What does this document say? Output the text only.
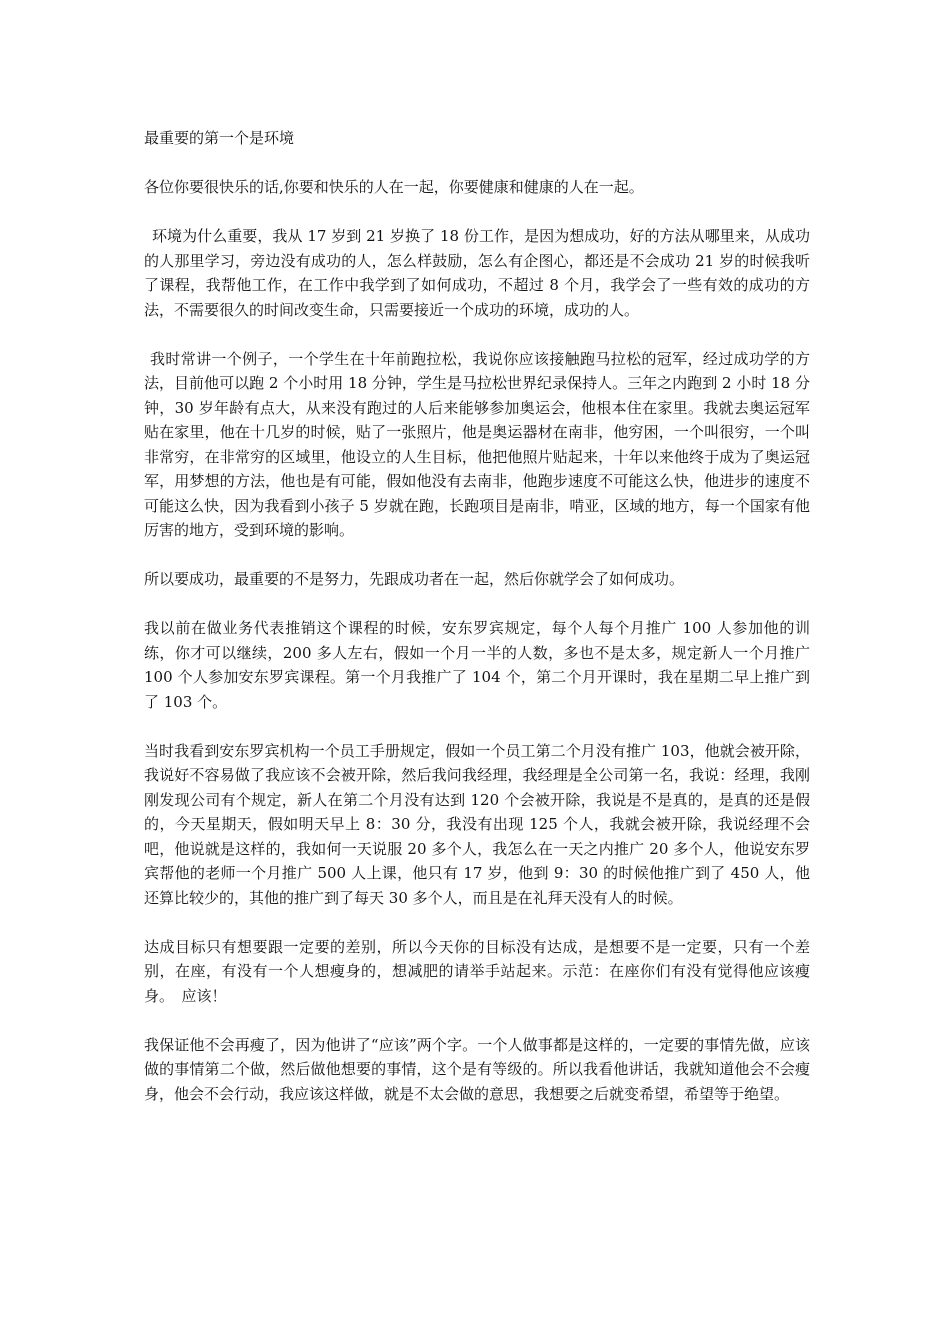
最重要的第一个是环境

各位你要很快乐的话,你要和快乐的人在一起，你要健康和健康的人在一起。

环境为什么重要，我从 17 岁到 21 岁换了 18 份工作，是因为想成功，好的方法从哪里来，从成功的人那里学习，旁边没有成功的人，怎么样鼓励，怎么有企图心，都还是不会成功 21 岁的时候我听了课程，我帮他工作，在工作中我学到了如何成功，不超过 8 个月，我学会了一些有效的成功的方法，不需要很久的时间改变生命，只需要接近一个成功的环境，成功的人。

我时常讲一个例子，一个学生在十年前跑拉松，我说你应该接触跑马拉松的冠军，经过成功学的方法，目前他可以跑 2 个小时用 18 分钟，学生是马拉松世界纪录保持人。三年之内跑到 2 小时 18 分钟，30 岁年龄有点大，从来没有跑过的人后来能够参加奥运会，他根本住在家里。我就去奥运冠军贴在家里，他在十几岁的时候，贴了一张照片，他是奥运器材在南非，他穷困，一个叫很穷，一个叫非常穷，在非常穷的区域里，他设立的人生目标，他把他照片贴起来，十年以来他终于成为了奥运冠军，用梦想的方法，他也是有可能，假如他没有去南非，他跑步速度不可能这么快，他进步的速度不可能这么快，因为我看到小孩子 5 岁就在跑，长跑项目是南非，啃亚，区域的地方，每一个国家有他厉害的地方，受到环境的影响。

所以要成功，最重要的不是努力，先跟成功者在一起，然后你就学会了如何成功。

我以前在做业务代表推销这个课程的时候，安东罗宾规定，每个人每个月推广 100 人参加他的训练，你才可以继续，200 多人左右，假如一个月一半的人数，多也不是太多，规定新人一个月推广 100 个人参加安东罗宾课程。第一个月我推广了 104 个，第二个月开课时，我在星期二早上推广到了 103 个。

当时我看到安东罗宾机构一个员工手册规定，假如一个员工第二个月没有推广 103，他就会被开除，我说好不容易做了我应该不会被开除，然后我问我经理，我经理是全公司第一名，我说：经理，我刚刚发现公司有个规定，新人在第二个月没有达到 120 个会被开除，我说是不是真的，是真的还是假的，今天星期天，假如明天早上 8：30 分，我没有出现 125 个人，我就会被开除，我说经理不会吧，他说就是这样的，我如何一天说服 20 多个人，我怎么在一天之内推广 20 多个人，他说安东罗宾帮他的老师一个月推广 500 人上课，他只有 17 岁，他到 9：30 的时候他推广到了 450 人，他还算比较少的，其他的推广到了每天 30 多个人，而且是在礼拜天没有人的时候。

达成目标只有想要跟一定要的差别，所以今天你的目标没有达成，是想要不是一定要，只有一个差别，在座，有没有一个人想瘦身的，想减肥的请举手站起来。示范：在座你们有没有觉得他应该瘦身。　应该！

我保证他不会再瘦了，因为他讲了“应该”两个字。一个人做事都是这样的，一定要的事情先做，应该做的事情第二个做，然后做他想要的事情，这个是有等级的。所以我看他讲话，我就知道他会不会瘦身，他会不会行动，我应该这样做，就是不太会做的意思，我想要之后就变希望，希望等于绝望。
